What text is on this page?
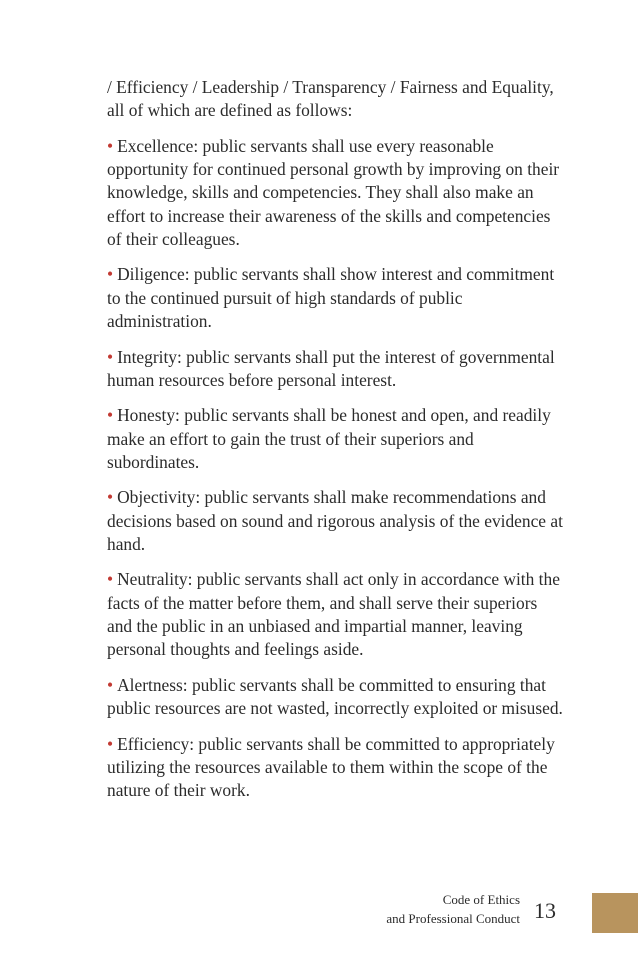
/ Efficiency / Leadership / Transparency / Fairness and Equality, all of which are defined as follows:

• Excellence: public servants shall use every reasonable opportunity for continued personal growth by improving on their knowledge, skills and competencies. They shall also make an effort to increase their awareness of the skills and competencies of their colleagues.

• Diligence: public servants shall show interest and commitment to the continued pursuit of high standards of public administration.

• Integrity: public servants shall put the interest of governmental human resources before personal interest.

• Honesty: public servants shall be honest and open, and readily make an effort to gain the trust of their superiors and subordinates.

• Objectivity: public servants shall make recommendations and decisions based on sound and rigorous analysis of the evidence at hand.

• Neutrality: public servants shall act only in accordance with the facts of the matter before them, and shall serve their superiors and the public in an unbiased and impartial manner, leaving personal thoughts and feelings aside.

• Alertness: public servants shall be committed to ensuring that public resources are not wasted, incorrectly exploited or misused.

• Efficiency: public servants shall be committed to appropriately utilizing the resources available to them within the scope of the nature of their work.

Code of Ethics
and Professional Conduct 13
